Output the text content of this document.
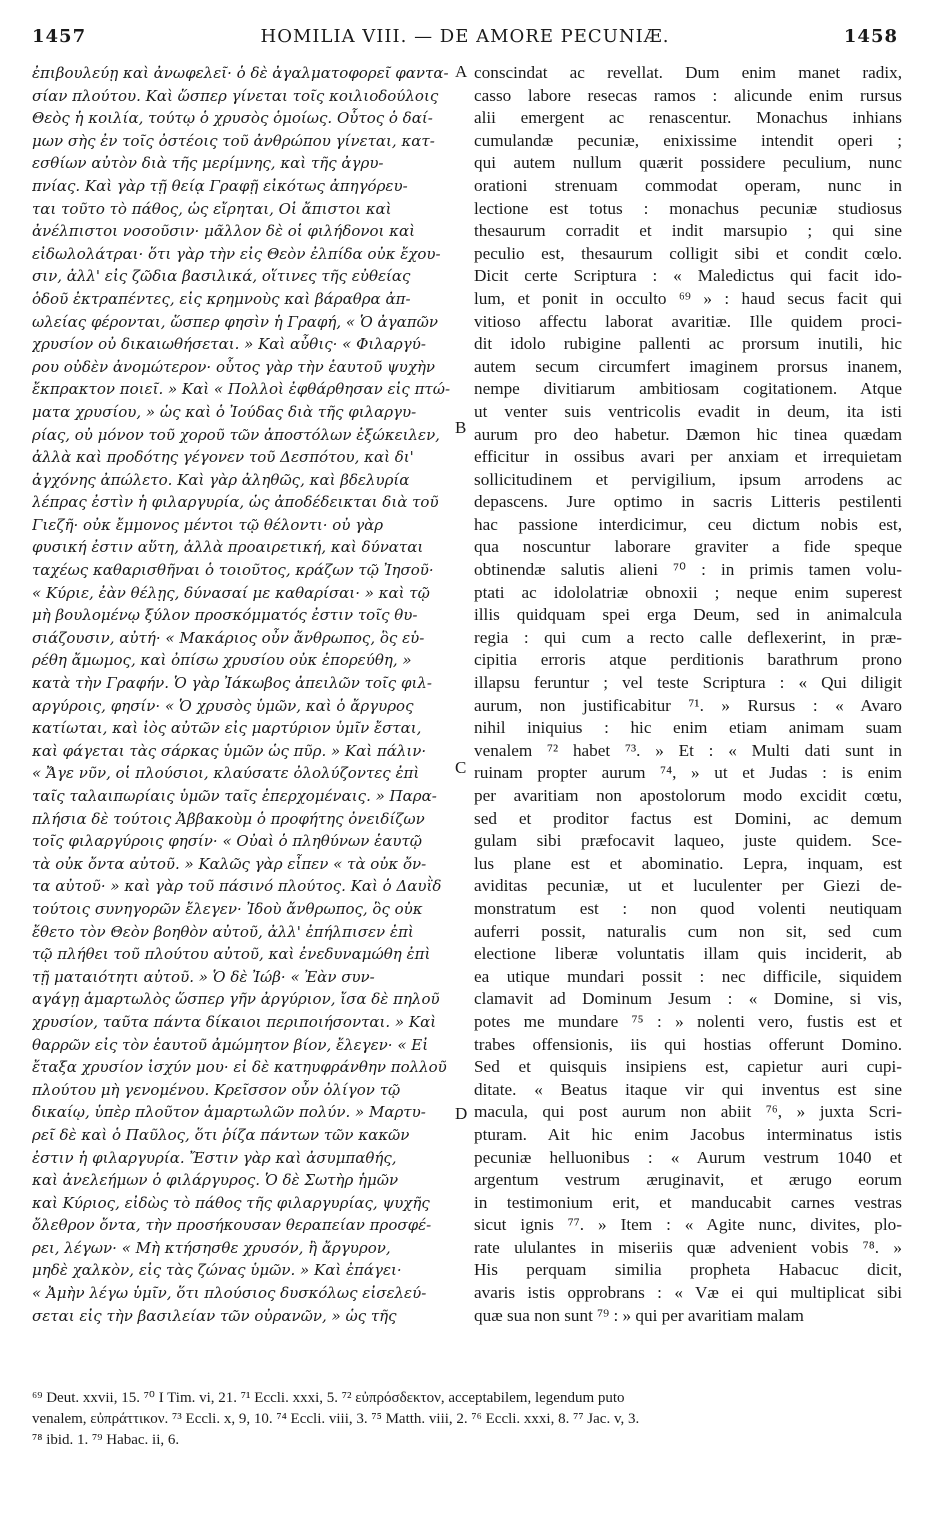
1457	HOMILIA VIII. — DE AMORE PECUNIÆ.	1458
ἐπιβουλεύῃ καὶ ἀνωφελεῖ· ὁ δὲ ἀγαλματοφορεῖ φαντα-
σίαν πλούτου. Καὶ ὥσπερ γίνεται τοῖς κοιλιοδούλοις
Θεὸς ἡ κοιλία, τούτῳ ὁ χρυσὸς ὁμοίως. Οὗτος ὁ δαί-
μων σὴς ἐν τοῖς ὀστέοις τοῦ ἀνθρώπου γίνεται, κατ-
εσθίων αὐτὸν διὰ τῆς μερίμνης, καὶ τῆς ἀγρυ-
πνίας. Καὶ γὰρ τῇ θείᾳ Γραφῇ εἰκότως ἀπηγόρευ-
ται τοῦτο τὸ πάθος, ὡς εἴρηται, Οἱ ἄπιστοι καὶ
ἀνέλπιστοι νοσοῦσιν· μᾶλλον δὲ οἱ φιλήδονοι καὶ
εἰδωλολάτραι· ὅτι γὰρ τὴν εἰς Θεὸν ἐλπίδα οὐκ ἔχου-
σιν, ἀλλ' εἰς ζῶδια βασιλικά, οἵτινες τῆς εὐθείας
ὁδοῦ ἐκτραπέντες, εἰς κρημνοὺς καὶ βάραθρα ἀπ-
ωλείας φέρονται, ὥσπερ φησὶν ἡ Γραφή, « Ὁ ἀγαπῶν
χρυσίον οὐ δικαιωθήσεται. » Καὶ αὖθις· « Φιλαργύ-
ρου οὐδὲν ἀνομώτερον· οὗτος γὰρ τὴν ἑαυτοῦ ψυχὴν
ἔκπρακτον ποιεῖ. » Καὶ « Πολλοὶ ἐφθάρθησαν εἰς πτώ-
ματα χρυσίου, » ὡς καὶ ὁ Ἰούδας διὰ τῆς φιλαργυ-
ρίας, οὐ μόνον τοῦ χοροῦ τῶν ἀποστόλων ἐξώκειλεν,
ἀλλὰ καὶ προδότης γέγονεν τοῦ Δεσπότου, καὶ δι'
ἀγχόνης ἀπώλετο. Καὶ γὰρ ἀληθῶς, καὶ βδελυρία
λέπρας ἐστὶν ἡ φιλαργυρία, ὡς ἀποδέδεικται διὰ τοῦ
Γιεζῆ· οὐκ ἔμμονος μέντοι τῷ θέλοντι· οὐ γὰρ
φυσική ἐστιν αὕτη, ἀλλὰ προαιρετική, καὶ δύναται
ταχέως καθαρισθῆναι ὁ τοιοῦτος, κράζων τῷ Ἰησοῦ·
« Κύριε, ἐὰν θέλῃς, δύνασαί με καθαρίσαι· » καὶ τῷ
μὴ βουλομένῳ ξύλον προσκόμματός ἐστιν τοῖς θυ-
σιάζουσιν, αὐτή· « Μακάριος οὖν ἄνθρωπος, ὃς εὑ-
ρέθη ἄμωμος, καὶ ὀπίσω χρυσίου οὐκ ἐπορεύθη, »
κατὰ τὴν Γραφήν. Ὁ γὰρ Ἰάκωβος ἀπειλῶν τοῖς φιλ-
αργύροις, φησίν· « Ὁ χρυσὸς ὑμῶν, καὶ ὁ ἄργυρος
κατίωται, καὶ ἰὸς αὐτῶν εἰς μαρτύριον ὑμῖν ἔσται,
καὶ φάγεται τὰς σάρκας ὑμῶν ὡς πῦρ. » Καὶ πάλιν·
« Ἄγε νῦν, οἱ πλούσιοι, κλαύσατε ὀλολύζοντες ἐπὶ
ταῖς ταλαιπωρίαις ὑμῶν ταῖς ἐπερχομέναις. » Παρα-
πλήσια δὲ τούτοις Ἀββακοὺμ ὁ προφήτης ὀνειδίζων
τοῖς φιλαργύροις φησίν· « Οὐαὶ ὁ πληθύνων ἑαυτῷ
τὰ οὐκ ὄντα αὐτοῦ. » Καλῶς γὰρ εἶπεν « τὰ οὐκ ὄν-
τα αὐτοῦ· » καὶ γὰρ τοῦ πάσινό πλούτος. Καὶ ὁ Δαυῒδ
τούτοις συνηγορῶν ἔλεγεν· Ἰδοὺ ἄνθρωπος, ὃς οὐκ
ἔθετο τὸν Θεὸν βοηθὸν αὐτοῦ, ἀλλ' ἐπήλπισεν ἐπὶ
τῷ πλήθει τοῦ πλούτου αὐτοῦ, καὶ ἐνεδυναμώθη ἐπὶ
τῇ ματαιότητι αὐτοῦ. » Ὁ δὲ Ἰώβ· « Ἐὰν συν-
αγάγῃ ἁμαρτωλὸς ὥσπερ γῆν ἀργύριον, ἴσα δὲ πηλοῦ
χρυσίον, ταῦτα πάντα δίκαιοι περιποιήσονται. » Καὶ
θαρρῶν εἰς τὸν ἑαυτοῦ ἀμώμητον βίον, ἔλεγεν· « Εἰ
ἔταξα χρυσίον ἰσχύν μου· εἰ δὲ κατηυφράνθην πολλοῦ
πλούτου μὴ γενομένου. Κρεῖσσον οὖν ὀλίγον τῷ
δικαίῳ, ὑπὲρ πλοῦτον ἁμαρτωλῶν πολύν. » Μαρτυ-
ρεῖ δὲ καὶ ὁ Παῦλος, ὅτι ῥίζα πάντων τῶν κακῶν
ἐστιν ἡ φιλαργυρία. Ἔστιν γὰρ καὶ ἀσυμπαθής,
καὶ ἀνελεήμων ὁ φιλάργυρος. Ὁ δὲ Σωτὴρ ἡμῶν
καὶ Κύριος, εἰδὼς τὸ πάθος τῆς φιλαργυρίας, ψυχῆς
ὄλεθρον ὄντα, τὴν προσήκουσαν θεραπείαν προσφέ-
ρει, λέγων· « Μὴ κτήσησθε χρυσόν, ἢ ἄργυρον,
μηδὲ χαλκὸν, εἰς τὰς ζώνας ὑμῶν. » Καὶ ἐπάγει·
« Ἀμὴν λέγω ὑμῖν, ὅτι πλούσιος δυσκόλως εἰσελεύ-
σεται εἰς τὴν βασιλείαν τῶν οὐρανῶν, » ὡς τῆς
A
B
C
D
conscindat ac revellat. Dum enim manet radix,
casso labore resecas ramos : alicunde enim rursus
alii emergent ac renascentur. Monachus inhians
cumulandæ pecuniæ, enixissime intendit operi ;
qui autem nullum quærit possidere peculium, nunc
orationi strenuam commodat operam, nunc in
lectione est totus : monachus pecuniæ studiosus
thesaurum corradit et indit marsupio ; qui sine
peculio est, thesaurum colligit sibi et condit cœlo.
Dicit certe Scriptura : « Maledictus qui facit ido-
lum, et ponit in occulto ⁶⁹ » : haud secus facit qui
vitioso affectu laborat avaritiæ. Ille quidem proci-
dit idolo rubigine pallenti ac prorsum inutili, hic
autem secum circumfert imaginem prorsus inanem,
nempe divitiarum ambitiosam cogitationem. Atque
ut venter suis ventricolis evadit in deum, ita isti
aurum pro deo habetur. Dæmon hic tinea quædam
efficitur in ossibus avari per anxiam et irrequietam
sollicitudinem et pervigilium, ipsum arrodens ac
depascens. Jure optimo in sacris Litteris pestilenti
hac passione interdicimur, ceu dictum nobis est,
qua noscuntur laborare graviter a fide speque
obtinendæ salutis alieni ⁷⁰ : in primis tamen volu-
ptati ac idololatriæ obnoxii ; neque enim superest
illis quidquam spei erga Deum, sed in animalcula
regia : qui cum a recto calle deflexerint, in præ-
cipitia erroris atque perditionis barathrum prono
illapsu feruntur ; vel teste Scriptura : « Qui diligit
aurum, non justificabitur ⁷¹. » Rursus : « Avaro
nihil iniquius : hic enim etiam animam suam
venalem ⁷² habet ⁷³. » Et : « Multi dati sunt in
ruinam propter aurum ⁷⁴, » ut et Judas : is enim
per avaritiam non apostolorum modo excidit cœtu,
sed et proditor factus est Domini, ac demum
gulam sibi præfocavit laqueo, juste quidem. Sce-
lus plane est et abominatio. Lepra, inquam, est
aviditas pecuniæ, ut et luculenter per Giezi de-
monstratum est : non quod volenti neutiquam
auferri possit, naturalis cum non sit, sed cum
electione liberæ voluntatis illam quis inciderit, ab
ea utique mundari possit : nec difficile, siquidem
clamavit ad Dominum Jesum : « Domine, si vis,
potes me mundare ⁷⁵ : » nolenti vero, fustis est et
trabes offensionis, iis qui hostias offerunt Domino.
Sed et quisquis insipiens est, capietur auri cupi-
ditate. « Beatus itaque vir qui inventus est sine
macula, qui post aurum non abiit ⁷⁶, » juxta Scri-
pturam. Ait hic enim Jacobus interminatus istis
pecuniæ helluonibus : « Aurum vestrum 1040 et
argentum vestrum æruginavit, et ærugo eorum
in testimonium erit, et manducabit carnes vestras
sicut ignis ⁷⁷. » Item : « Agite nunc, divites, plo-
rate ululantes in miseriis quæ advenient vobis ⁷⁸. »
His perquam similia propheta Habacuc dicit,
avaris istis opprobrans : « Væ ei qui multiplicat sibi
quæ sua non sunt ⁷⁹ : » qui per avaritiam malam
⁶⁹ Deut. xxvii, 15. ⁷⁰ I Tim. vi, 21. ⁷¹ Eccli. xxxi, 5. ⁷² εὐπρόσδεκτον, acceptabilem, legendum puto
venalem, εὐπράττικον. ⁷³ Eccli. x, 9, 10. ⁷⁴ Eccli. viii, 3. ⁷⁵ Matth. viii, 2. ⁷⁶ Eccli. xxxi, 8. ⁷⁷ Jac. v, 3.
⁷⁸ ibid. 1. ⁷⁹ Habac. ii, 6.
